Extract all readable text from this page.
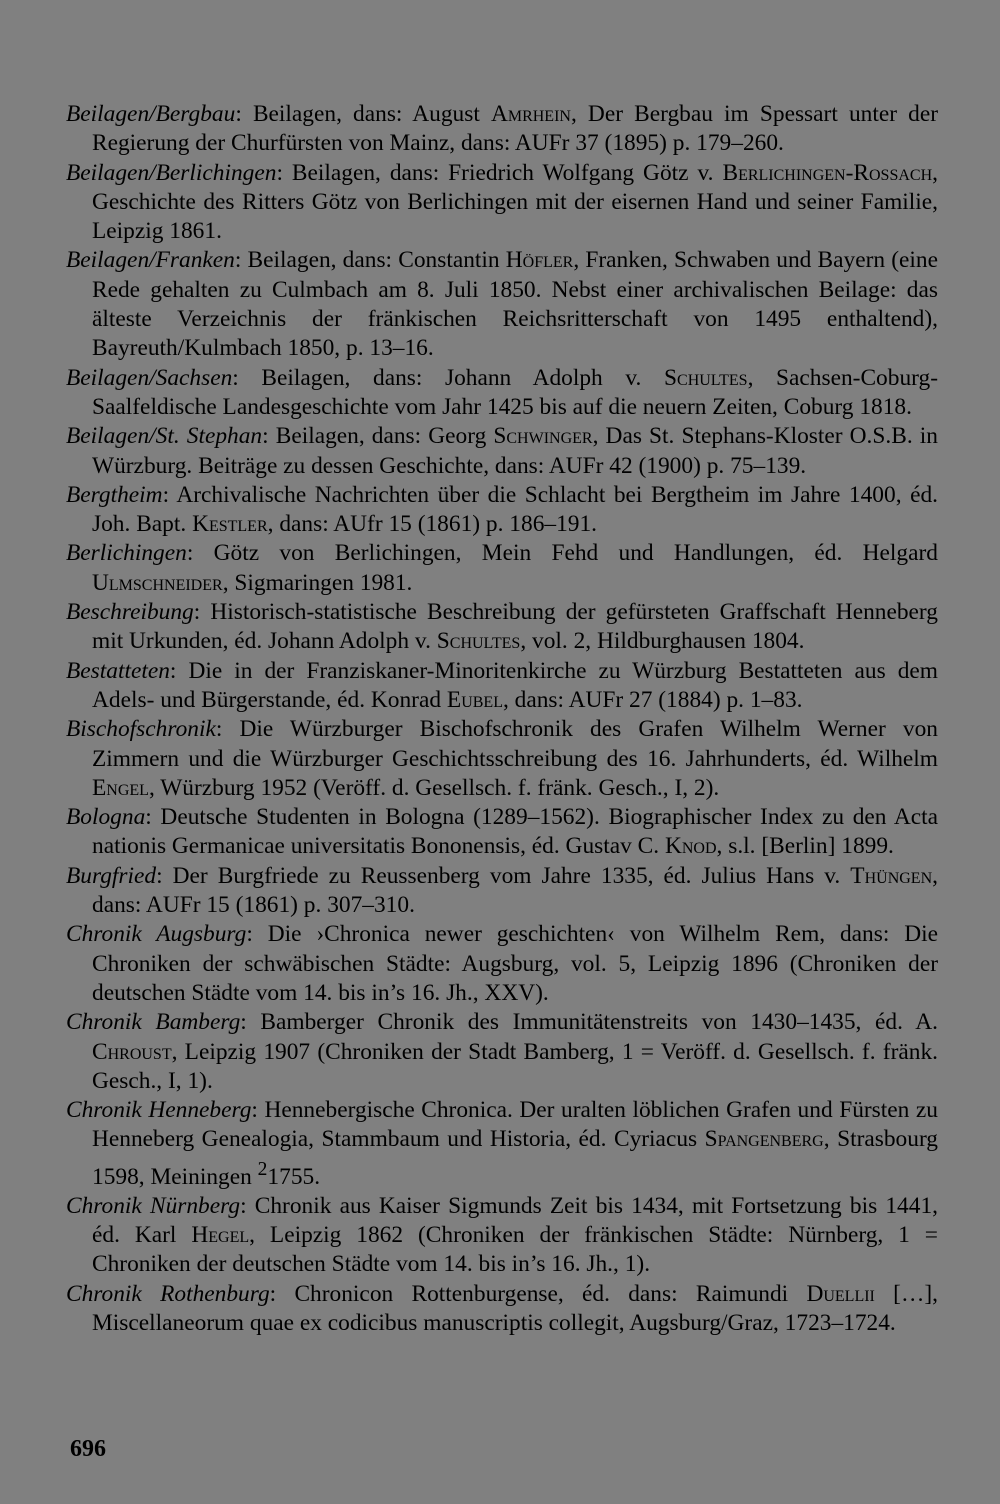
Beilagen/Bergbau: Beilagen, dans: August Amrhein, Der Bergbau im Spessart unter der Regierung der Churfürsten von Mainz, dans: AUFr 37 (1895) p. 179–260.

Beilagen/Berlichingen: Beilagen, dans: Friedrich Wolfgang Götz v. Berlichingen-Rossach, Geschichte des Ritters Götz von Berlichingen mit der eisernen Hand und seiner Familie, Leipzig 1861.

Beilagen/Franken: Beilagen, dans: Constantin Höfler, Franken, Schwaben und Bayern (eine Rede gehalten zu Culmbach am 8. Juli 1850. Nebst einer archivalischen Beilage: das älteste Verzeichnis der fränkischen Reichsritterschaft von 1495 enthaltend), Bayreuth/Kulmbach 1850, p. 13–16.

Beilagen/Sachsen: Beilagen, dans: Johann Adolph v. Schultes, Sachsen-Coburg-Saalfeldische Landesgeschichte vom Jahr 1425 bis auf die neuern Zeiten, Coburg 1818.

Beilagen/St. Stephan: Beilagen, dans: Georg Schwinger, Das St. Stephans-Kloster O.S.B. in Würzburg. Beiträge zu dessen Geschichte, dans: AUFr 42 (1900) p. 75–139.

Bergtheim: Archivalische Nachrichten über die Schlacht bei Bergtheim im Jahre 1400, éd. Joh. Bapt. Kestler, dans: AUfr 15 (1861) p. 186–191.

Berlichingen: Götz von Berlichingen, Mein Fehd und Handlungen, éd. Helgard Ulmschneider, Sigmaringen 1981.

Beschreibung: Historisch-statistische Beschreibung der gefürsteten Graffschaft Henneberg mit Urkunden, éd. Johann Adolph v. Schultes, vol. 2, Hildburghausen 1804.

Bestatteten: Die in der Franziskaner-Minoritenkirche zu Würzburg Bestatteten aus dem Adels- und Bürgerstande, éd. Konrad Eubel, dans: AUFr 27 (1884) p. 1–83.

Bischofschronik: Die Würzburger Bischofschronik des Grafen Wilhelm Werner von Zimmern und die Würzburger Geschichtsschreibung des 16. Jahrhunderts, éd. Wilhelm Engel, Würzburg 1952 (Veröff. d. Gesellsch. f. fränk. Gesch., I, 2).

Bologna: Deutsche Studenten in Bologna (1289–1562). Biographischer Index zu den Acta nationis Germanicae universitatis Bononensis, éd. Gustav C. Knod, s.l. [Berlin] 1899.

Burgfried: Der Burgfriede zu Reussenberg vom Jahre 1335, éd. Julius Hans v. Thüngen, dans: AUFr 15 (1861) p. 307–310.

Chronik Augsburg: Die ›Chronica newer geschichten‹ von Wilhelm Rem, dans: Die Chroniken der schwäbischen Städte: Augsburg, vol. 5, Leipzig 1896 (Chroniken der deutschen Städte vom 14. bis in’s 16. Jh., XXV).

Chronik Bamberg: Bamberger Chronik des Immunitätenstreits von 1430–1435, éd. A. Chroust, Leipzig 1907 (Chroniken der Stadt Bamberg, 1 = Veröff. d. Gesellsch. f. fränk. Gesch., I, 1).

Chronik Henneberg: Hennebergische Chronica. Der uralten löblichen Grafen und Fürsten zu Henneberg Genealogia, Stammbaum und Historia, éd. Cyriacus Spangenberg, Strasbourg 1598, Meiningen $^2$1755.

Chronik Nürnberg: Chronik aus Kaiser Sigmunds Zeit bis 1434, mit Fortsetzung bis 1441, éd. Karl Hegel, Leipzig 1862 (Chroniken der fränkischen Städte: Nürnberg, 1 = Chroniken der deutschen Städte vom 14. bis in’s 16. Jh., 1).

Chronik Rothenburg: Chronicon Rottenburgense, éd. dans: Raimundi Duellii […], Miscellaneorum quae ex codicibus manuscriptis collegit, Augsburg/Graz, 1723–1724.

696
